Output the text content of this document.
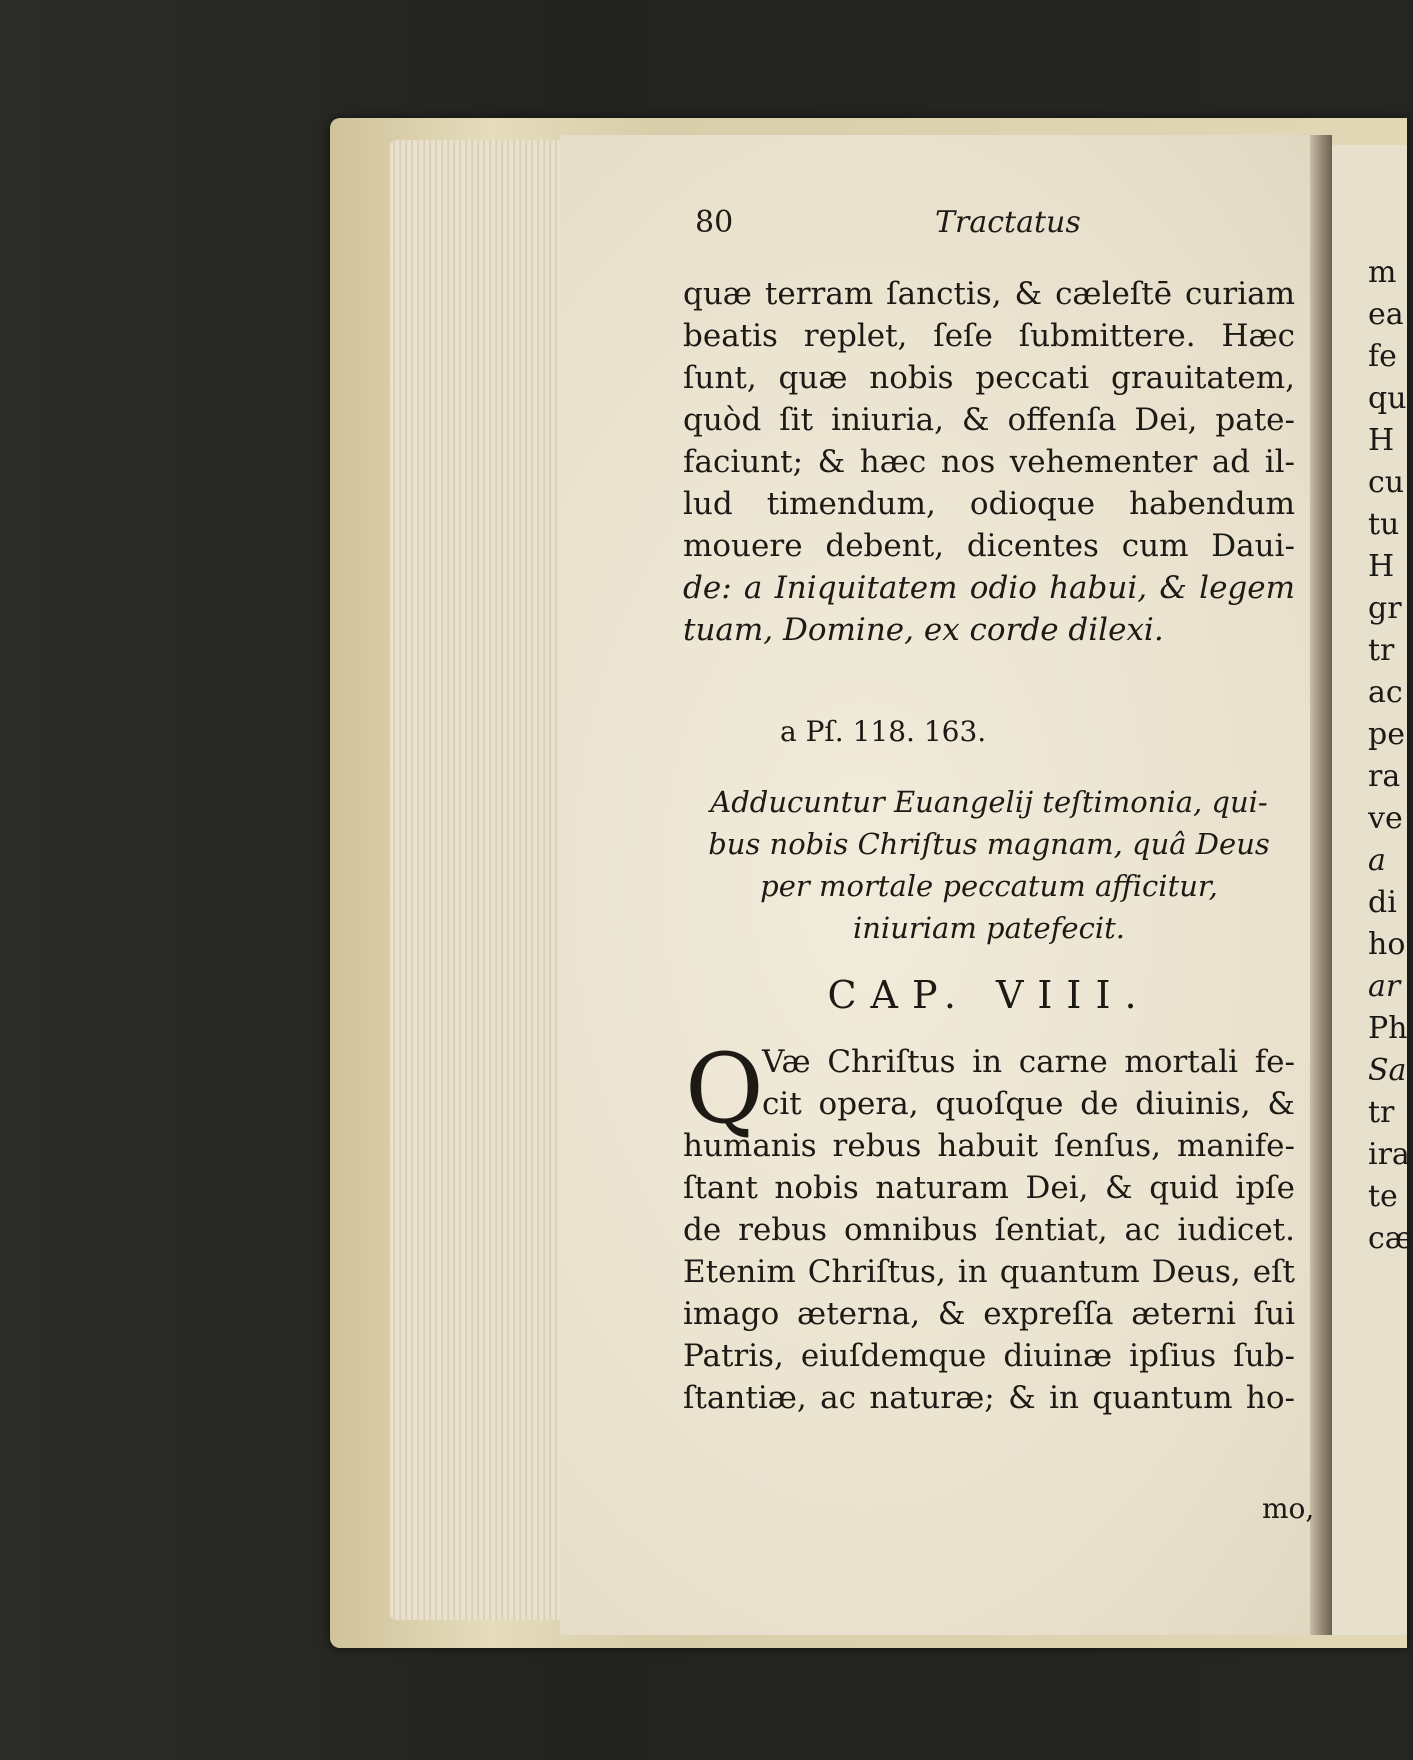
m
ea
fe
qu
H
cu
tu
H
gr
tr
ac
pe
ra
ve
a
di
ho
ar
Ph
Sa
tr
ira
te
cæ
80	Tractatus
quæ terram ſanctis, & cæleſtē curiam
beatis replet, ſeſe ſubmittere. Hæc
ſunt, quæ nobis peccati grauitatem,
quòd ſit iniuria, & offenſa Dei, pate-
faciunt; & hæc nos vehementer ad il-
lud timendum, odioque habendum
mouere debent, dicentes cum Daui-
de: a Iniquitatem odio habui, & legem
tuam, Domine, ex corde dilexi.
a Pſ. 118. 163.
Adducuntur Euangelij teſtimonia, qui-
bus nobis Chriſtus magnam, quâ Deus
per mortale peccatum afficitur,
iniuriam patefecit.
CAP. VIII.
Q
Væ Chriſtus in carne mortali fe-
cit opera, quoſque de diuinis, &
humanis rebus habuit ſenſus, manife-
ſtant nobis naturam Dei, & quid ipſe
de rebus omnibus ſentiat, ac iudicet.
Etenim Chriſtus, in quantum Deus, eſt
imago æterna, & expreſſa æterni ſui
Patris, eiuſdemque diuinæ ipſius ſub-
ſtantiæ, ac naturæ; & in quantum ho-
mo,
